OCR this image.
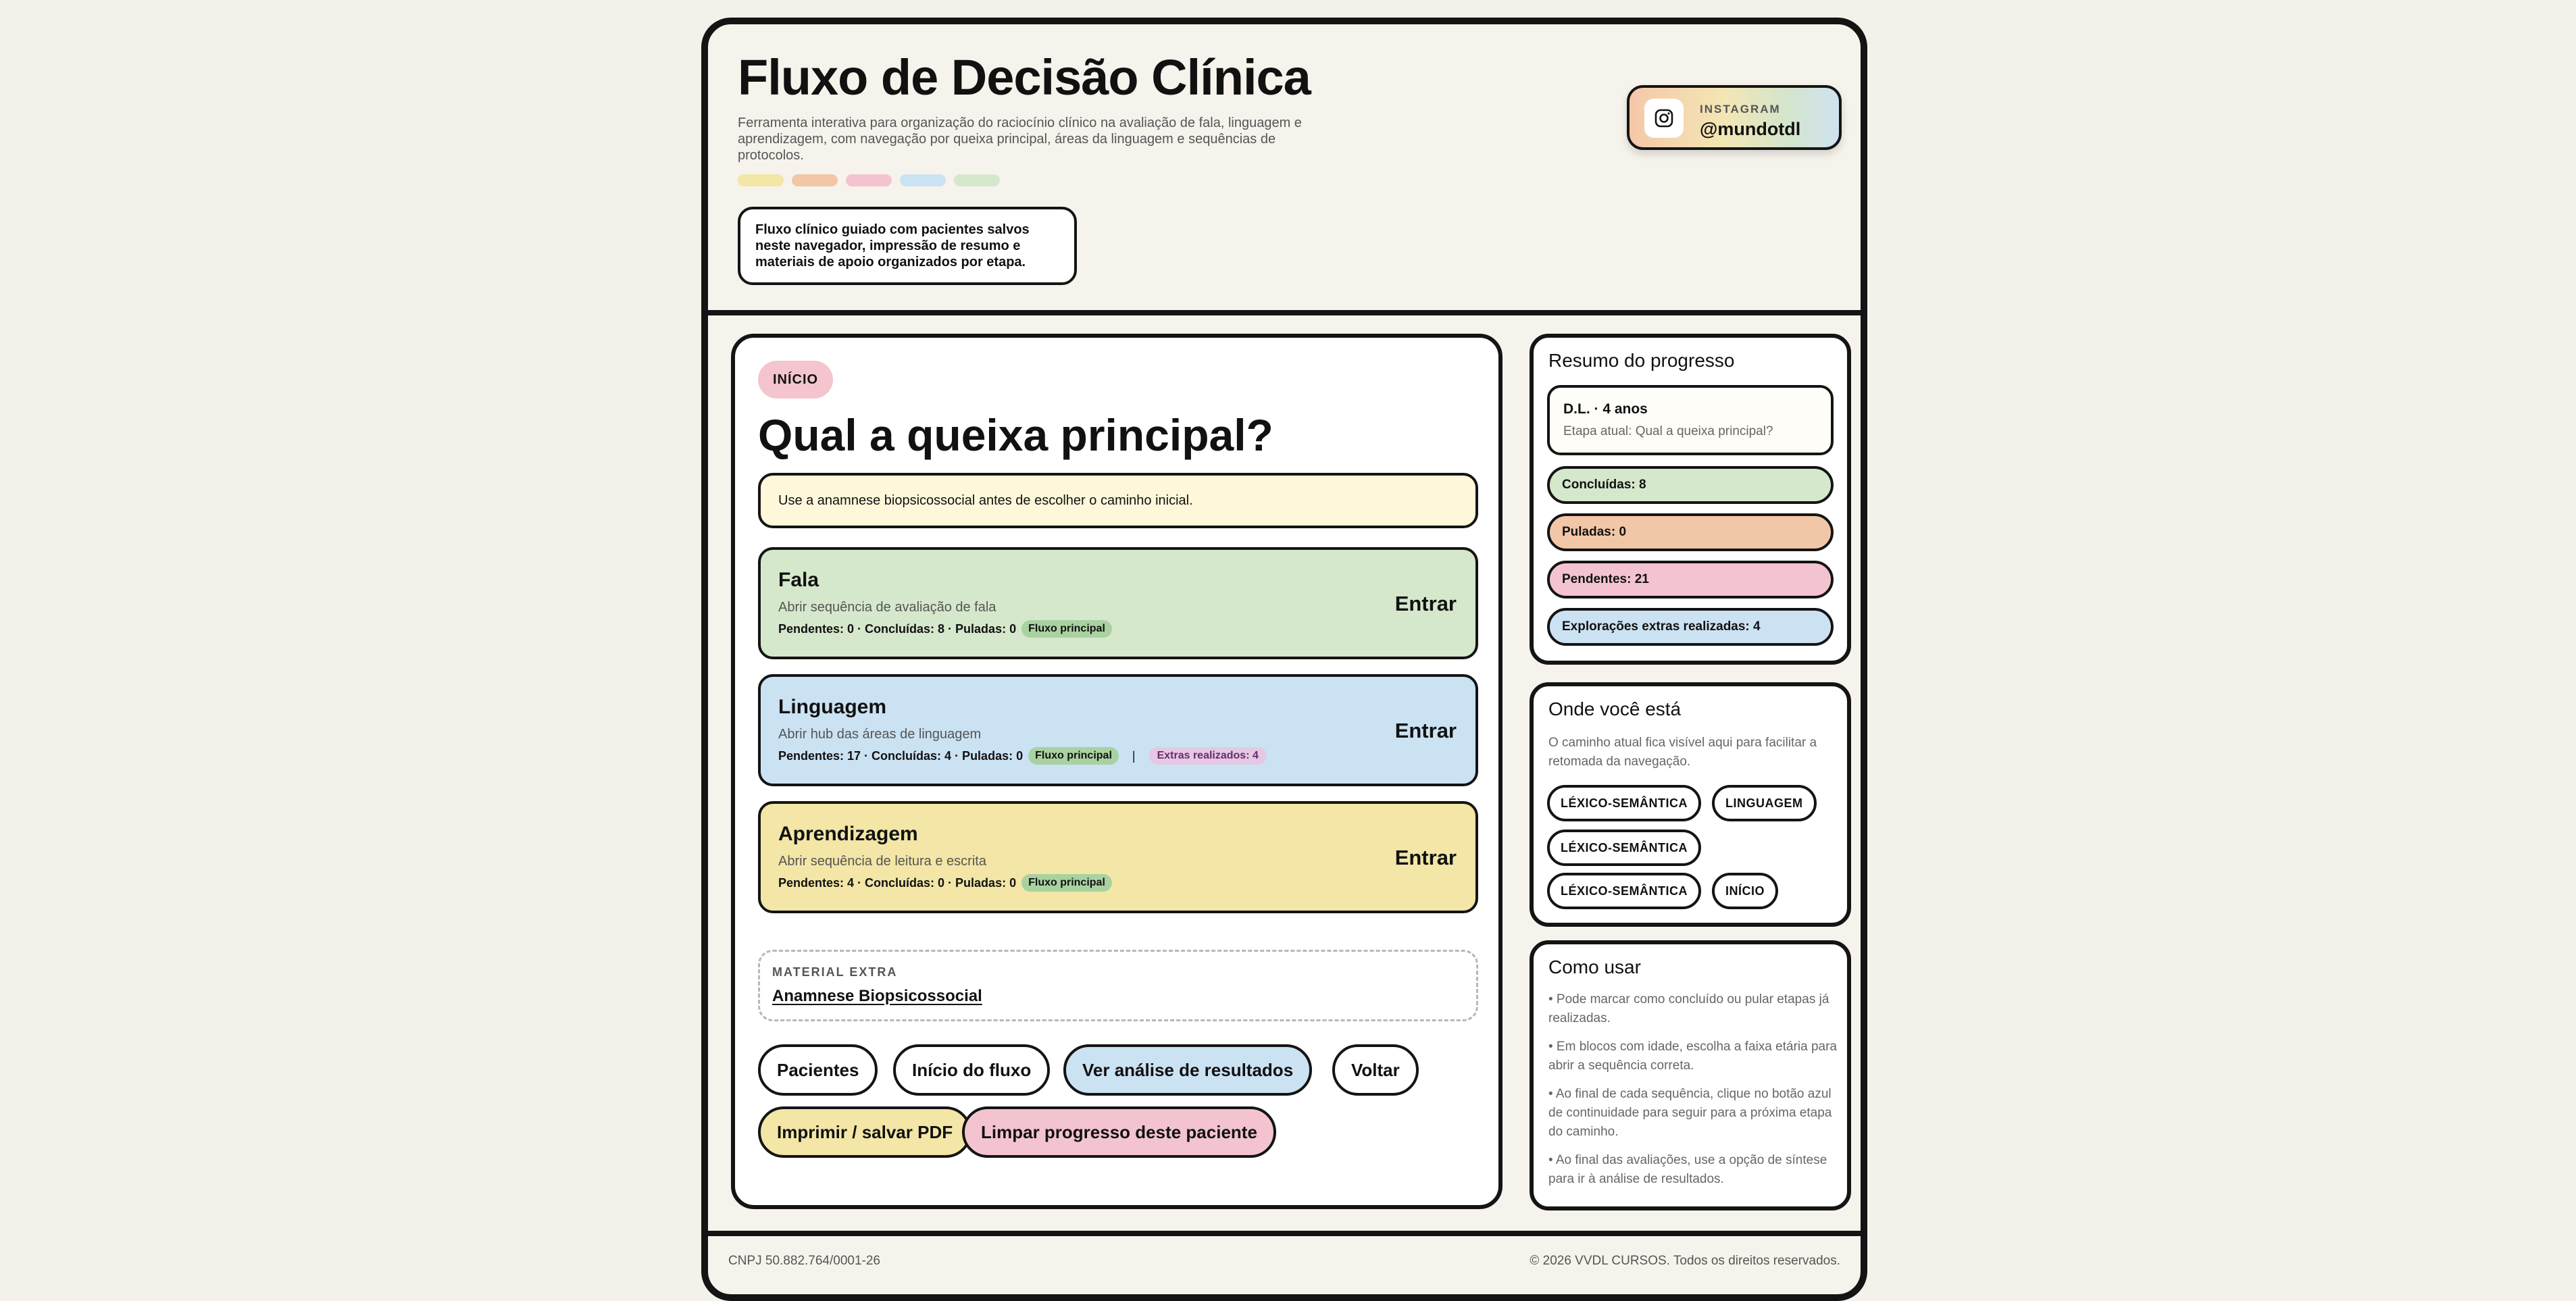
Fluxo de Decisão Clínica

Ferramenta interativa para organização do raciocínio clínico na avaliação de fala, linguagem e aprendizagem, com navegação por queixa principal, áreas da linguagem e sequências de protocolos.

Fluxo clínico guiado com pacientes salvos neste navegador, impressão de resumo e materiais de apoio organizados por etapa.
INSTAGRAM
@mundotdl
INÍCIO
Qual a queixa principal?
Use a anamnese biopsicossocial antes de escolher o caminho inicial.
Fala
Abrir sequência de avaliação de fala
Pendentes: 0 · Concluídas: 8 · Puladas: 0	Fluxo principal
Entrar
Linguagem
Abrir hub das áreas de linguagem
Pendentes: 17 · Concluídas: 4 · Puladas: 0	Fluxo principal	|	Extras realizados: 4
Entrar
Aprendizagem
Abrir sequência de leitura e escrita
Pendentes: 4 · Concluídas: 0 · Puladas: 0	Fluxo principal
Entrar
MATERIAL EXTRA
Anamnese Biopsicossocial
Pacientes	Início do fluxo	Ver análise de resultados	Voltar
Imprimir / salvar PDF	Limpar progresso deste paciente
Resumo do progresso
D.L. · 4 anos
Etapa atual: Qual a queixa principal?
Concluídas: 8
Puladas: 0
Pendentes: 21
Explorações extras realizadas: 4
Onde você está

O caminho atual fica visível aqui para facilitar a retomada da navegação.

LÉXICO-SEMÂNTICA	LINGUAGEM
LÉXICO-SEMÂNTICA
LÉXICO-SEMÂNTICA	INÍCIO
Como usar

• Pode marcar como concluído ou pular etapas já realizadas.

• Em blocos com idade, escolha a faixa etária para abrir a sequência correta.

• Ao final de cada sequência, clique no botão azul de continuidade para seguir para a próxima etapa do caminho.

• Ao final das avaliações, use a opção de síntese para ir à análise de resultados.

CNPJ 50.882.764/0001-26	© 2026 VVDL CURSOS. Todos os direitos reservados.
